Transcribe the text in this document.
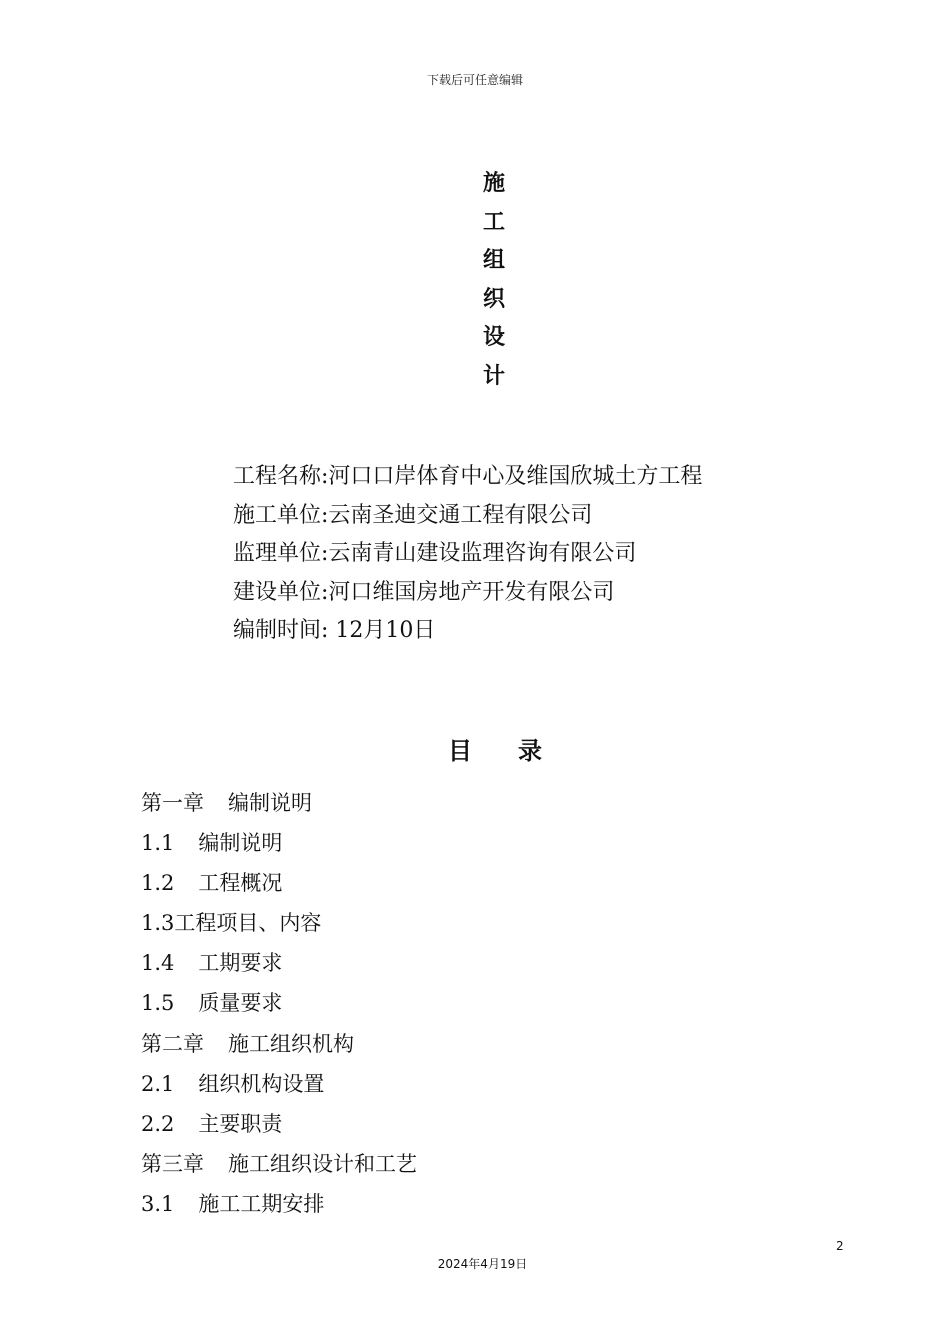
下载后可任意编辑
施
工
组
织
设
计
工程名称:河口口岸体育中心及维国欣城土方工程
施工单位:云南圣迪交通工程有限公司
监理单位:云南青山建设监理咨询有限公司
建设单位:河口维国房地产开发有限公司
编制时间: 12月10日
目 录
第一章 编制说明
1.1 编制说明
1.2 工程概况
1.3工程项目、内容
1.4 工期要求
1.5 质量要求
第二章 施工组织机构
2.1 组织机构设置
2.2 主要职责
第三章 施工组织设计和工艺
3.1 施工工期安排
2
2024年4月19日
